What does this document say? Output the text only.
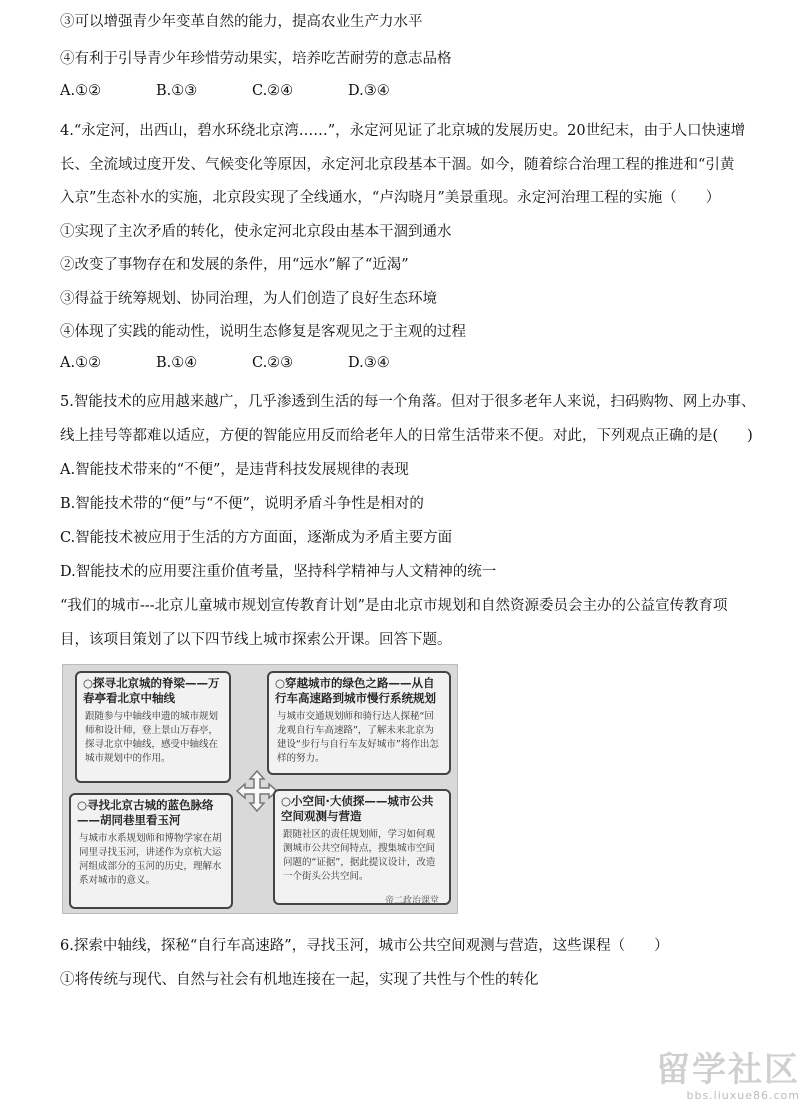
③可以增强青少年变革自然的能力，提高农业生产力水平
④有利于引导青少年珍惜劳动果实，培养吃苦耐劳的意志品格
A.①②	B.①③	C.②④	D.③④
4.“永定河，出西山，碧水环绕北京湾……”，永定河见证了北京城的发展历史。20世纪末，由于人口快速增
长、全流域过度开发、气候变化等原因，永定河北京段基本干涸。如今，随着综合治理工程的推进和“引黄
入京”生态补水的实施，北京段实现了全线通水，“卢沟晓月”美景重现。永定河治理工程的实施（　　）
①实现了主次矛盾的转化，使永定河北京段由基本干涸到通水
②改变了事物存在和发展的条件，用“远水”解了“近渴”
③得益于统筹规划、协同治理，为人们创造了良好生态环境
④体现了实践的能动性，说明生态修复是客观见之于主观的过程
A.①②	B.①④	C.②③	D.③④
5.智能技术的应用越来越广，几乎渗透到生活的每一个角落。但对于很多老年人来说，扫码购物、网上办事、
线上挂号等都难以适应，方便的智能应用反而给老年人的日常生活带来不便。对此，下列观点正确的是(　　)
A.智能技术带来的“不便”，是违背科技发展规律的表现
B.智能技术带的“便”与“不便”，说明矛盾斗争性是相对的
C.智能技术被应用于生活的方方面面，逐渐成为矛盾主要方面
D.智能技术的应用要注重价值考量，坚持科学精神与人文精神的统一
“我们的城市---北京儿童城市规划宣传教育计划”是由北京市规划和自然资源委员会主办的公益宣传教育项
目，该项目策划了以下四节线上城市探索公开课。回答下题。
○探寻北京城的脊梁——万春亭看北京中轴线
跟随参与中轴线申遗的城市规划师和设计师，登上景山万春亭，探寻北京中轴线，感受中轴线在城市规划中的作用。
○穿越城市的绿色之路——从自行车高速路到城市慢行系统规划
与城市交通规划师和骑行达人探秘“回龙观自行车高速路”，了解未来北京为建设“步行与自行车友好城市”将作出怎样的努力。
○寻找北京古城的蓝色脉络——胡同巷里看玉河
与城市水系规划师和博物学家在胡同里寻找玉河，讲述作为京杭大运河组成部分的玉河的历史，理解水系对城市的意义。
○小空间·大侦探——城市公共空间观测与营造
跟随社区的责任规划师，学习如何观测城市公共空间特点，搜集城市空间问题的“证据”，据此提议设计，改造一个街头公共空间。
帝二政治课堂
6.探索中轴线，探秘“自行车高速路”，寻找玉河，城市公共空间观测与营造，这些课程（　　）
①将传统与现代、自然与社会有机地连接在一起，实现了共性与个性的转化
留学社区
bbs.liuxue86.com
